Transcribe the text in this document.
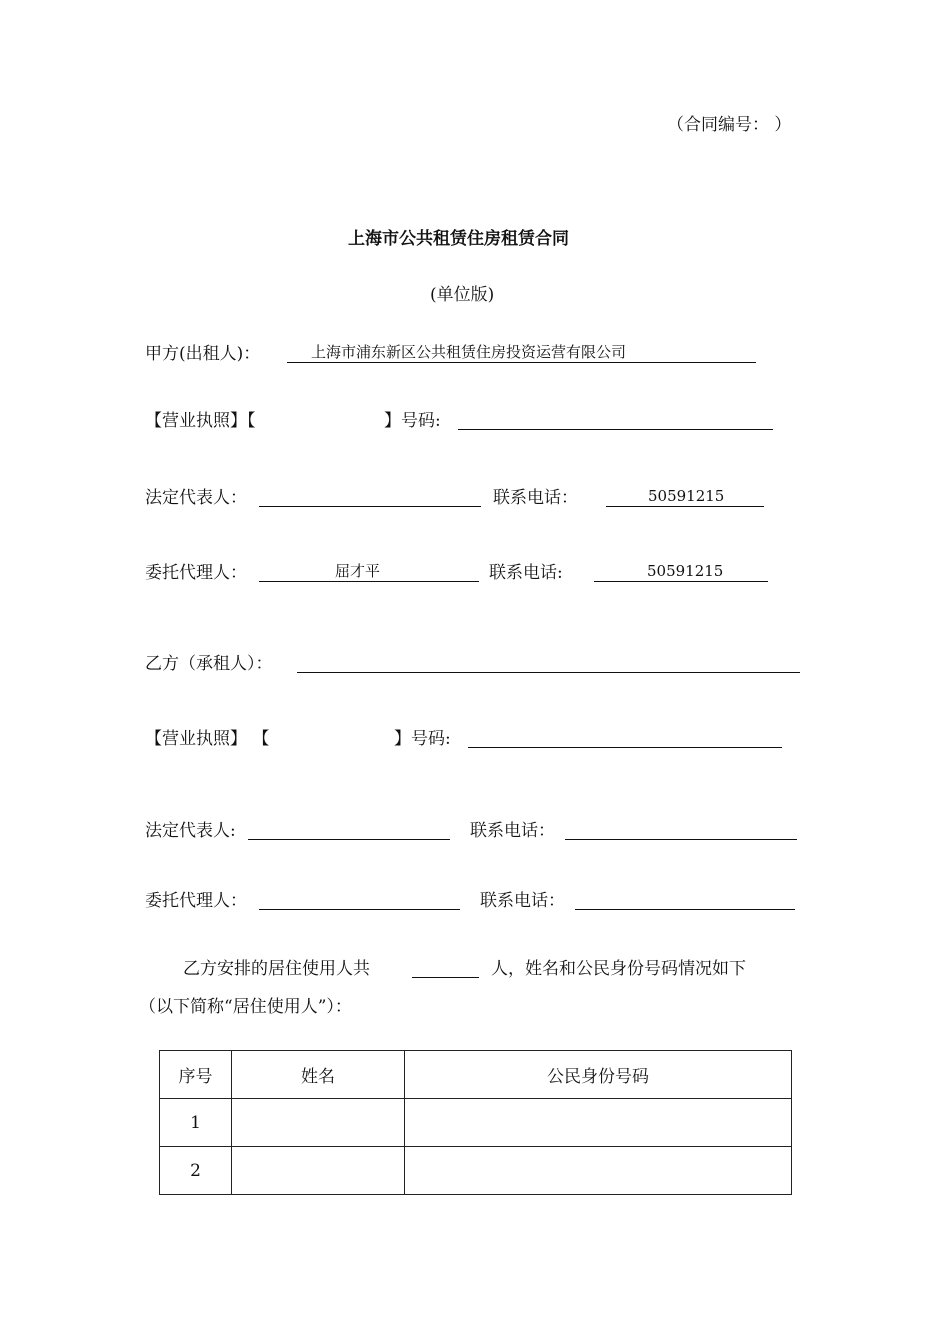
（合同编号： ）
上海市公共租赁住房租赁合同
(单位版)
甲方(出租人)：	上海市浦东新区公共租赁住房投资运营有限公司
【营业执照】【	】号码:
法定代表人：	联系电话：	50591215
委托代理人：	屈才平	联系电话:	50591215
乙方（承租人）：
【营业执照】 【	】号码:
法定代表人:	联系电话：
委托代理人：	联系电话：
乙方安排的居住使用人共	人，姓名和公民身份号码情况如下
（以下简称“居住使用人”）：
序号	姓名	公民身份号码
1		
2		
